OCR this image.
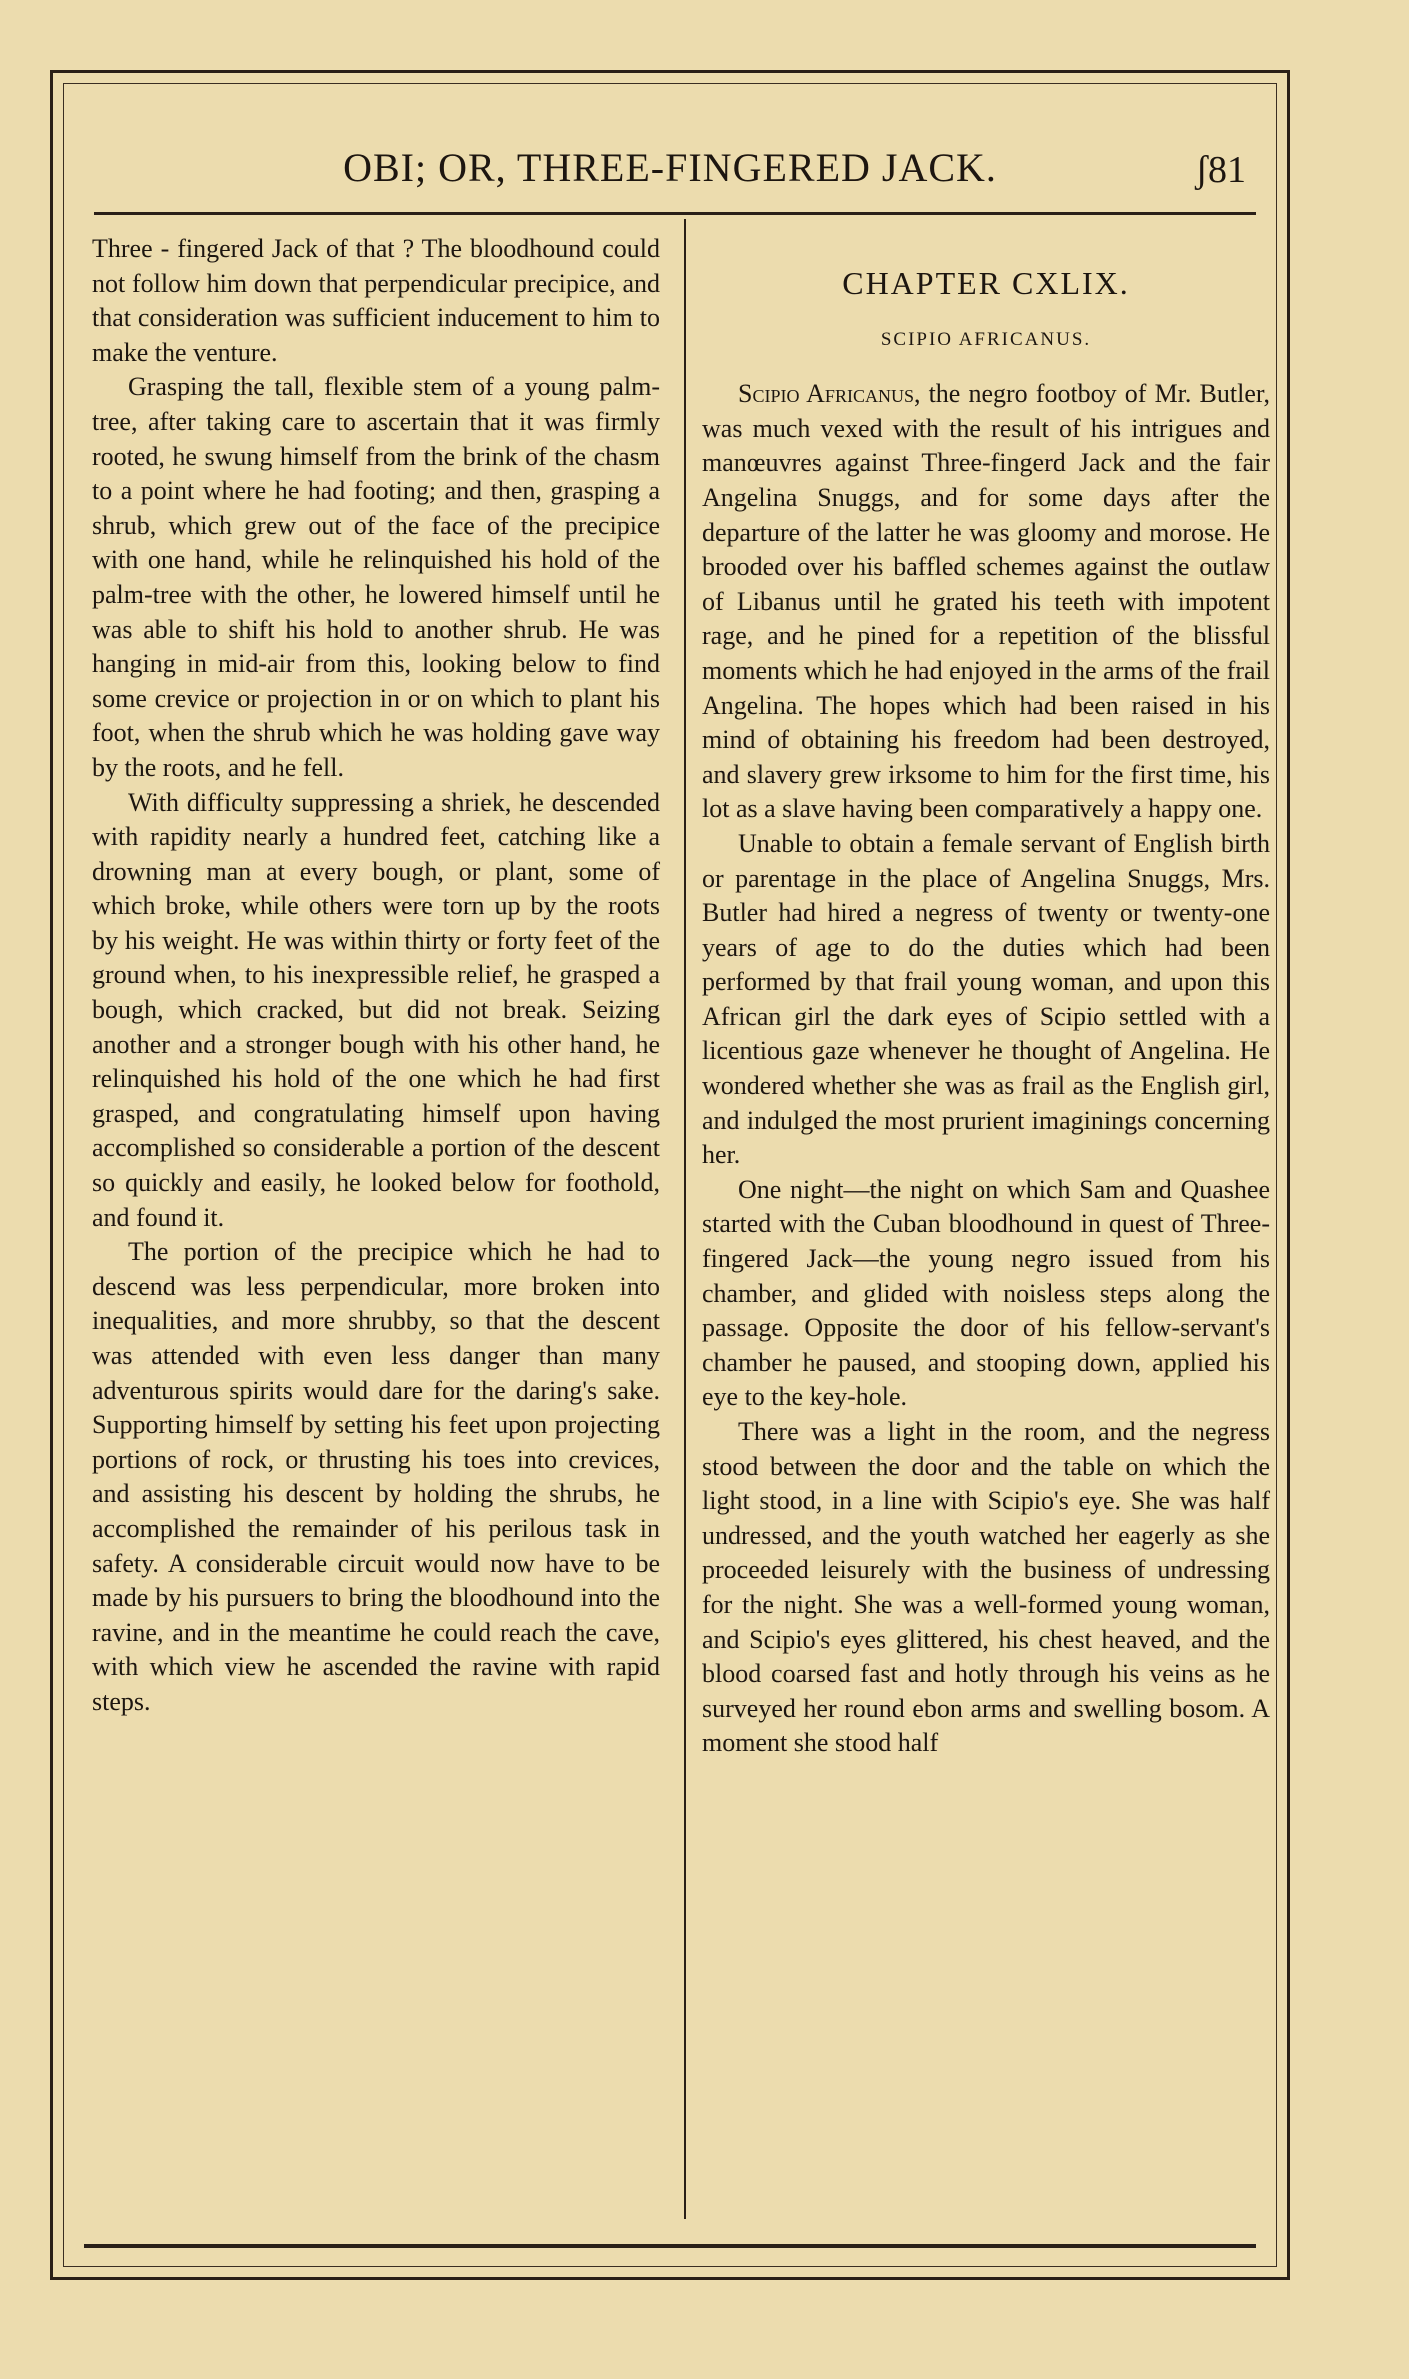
OBI; OR, THREE-FINGERED JACK.	ʃ81

Three - fingered Jack of that ? The bloodhound could not follow him down that perpendicular precipice, and that consideration was sufficient inducement to him to make the venture.

Grasping the tall, flexible stem of a young palm-tree, after taking care to ascertain that it was firmly rooted, he swung himself from the brink of the chasm to a point where he had footing; and then, grasping a shrub, which grew out of the face of the precipice with one hand, while he relinquished his hold of the palm-tree with the other, he lowered himself until he was able to shift his hold to another shrub. He was hanging in mid-air from this, looking below to find some crevice or projection in or on which to plant his foot, when the shrub which he was holding gave way by the roots, and he fell.

With difficulty suppressing a shriek, he descended with rapidity nearly a hundred feet, catching like a drowning man at every bough, or plant, some of which broke, while others were torn up by the roots by his weight. He was within thirty or forty feet of the ground when, to his inexpressible relief, he grasped a bough, which cracked, but did not break. Seizing another and a stronger bough with his other hand, he relinquished his hold of the one which he had first grasped, and congratulating himself upon having accomplished so considerable a portion of the descent so quickly and easily, he looked below for foothold, and found it.

The portion of the precipice which he had to descend was less perpendicular, more broken into inequalities, and more shrubby, so that the descent was attended with even less danger than many adventurous spirits would dare for the daring's sake. Supporting himself by setting his feet upon projecting portions of rock, or thrusting his toes into crevices, and assisting his descent by holding the shrubs, he accomplished the remainder of his perilous task in safety. A considerable circuit would now have to be made by his pursuers to bring the bloodhound into the ravine, and in the meantime he could reach the cave, with which view he ascended the ravine with rapid steps.

CHAPTER CXLIX.
SCIPIO AFRICANUS.

Scipio Africanus, the negro footboy of Mr. Butler, was much vexed with the result of his intrigues and manœuvres against Three-fingerd Jack and the fair Angelina Snuggs, and for some days after the departure of the latter he was gloomy and morose. He brooded over his baffled schemes against the outlaw of Libanus until he grated his teeth with impotent rage, and he pined for a repetition of the blissful moments which he had enjoyed in the arms of the frail Angelina. The hopes which had been raised in his mind of obtaining his freedom had been destroyed, and slavery grew irksome to him for the first time, his lot as a slave having been comparatively a happy one.

Unable to obtain a female servant of English birth or parentage in the place of Angelina Snuggs, Mrs. Butler had hired a negress of twenty or twenty-one years of age to do the duties which had been performed by that frail young woman, and upon this African girl the dark eyes of Scipio settled with a licentious gaze whenever he thought of Angelina. He wondered whether she was as frail as the English girl, and indulged the most prurient imaginings concerning her.

One night—the night on which Sam and Quashee started with the Cuban bloodhound in quest of Three-fingered Jack—the young negro issued from his chamber, and glided with noisless steps along the passage. Opposite the door of his fellow-servant's chamber he paused, and stooping down, applied his eye to the key-hole.

There was a light in the room, and the negress stood between the door and the table on which the light stood, in a line with Scipio's eye. She was half undressed, and the youth watched her eagerly as she proceeded leisurely with the business of undressing for the night. She was a well-formed young woman, and Scipio's eyes glittered, his chest heaved, and the blood coarsed fast and hotly through his veins as he surveyed her round ebon arms and swelling bosom. A moment she stood half
